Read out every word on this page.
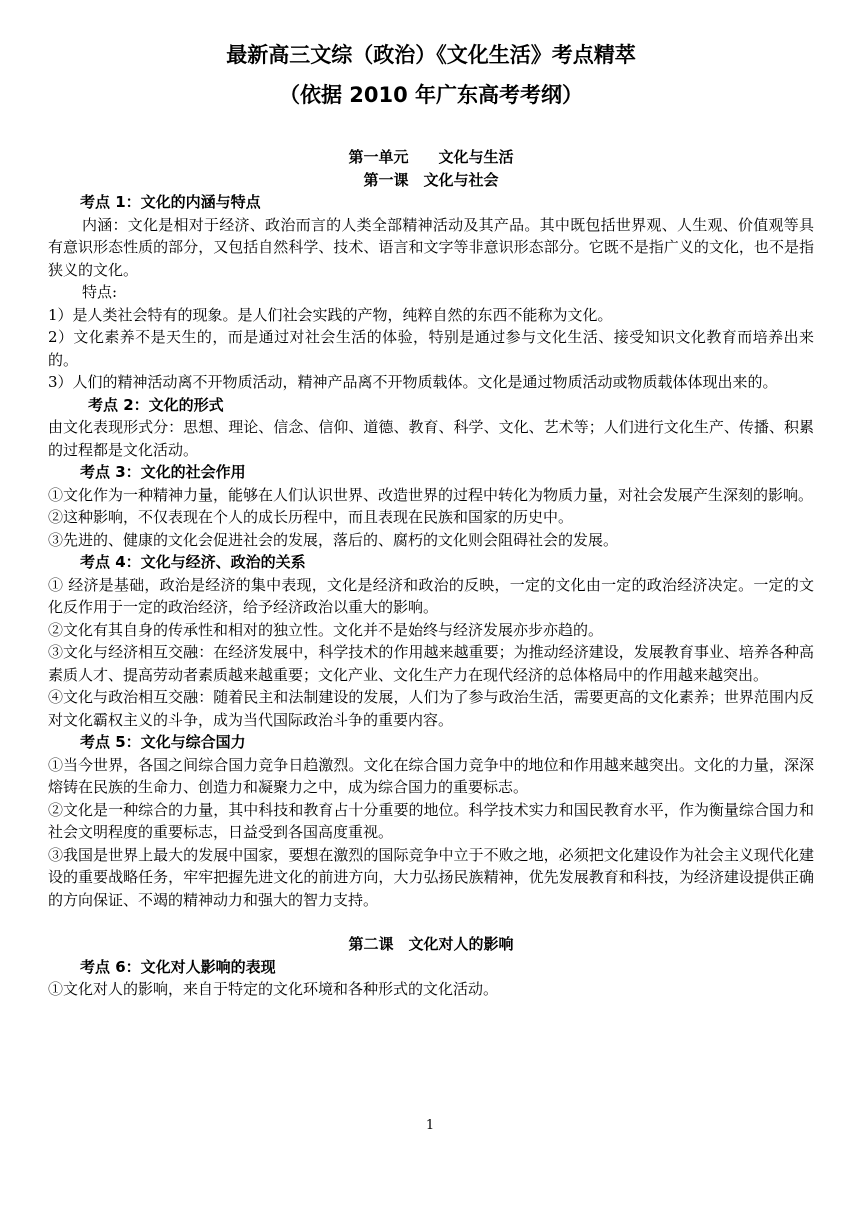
最新高三文综（政治）《文化生活》考点精萃
（依据 2010 年广东高考考纲）
第一单元　　文化与生活
第一课　文化与社会
考点 1：文化的内涵与特点

内涵：文化是相对于经济、政治而言的人类全部精神活动及其产品。其中既包括世界观、人生观、价值观等具有意识形态性质的部分，又包括自然科学、技术、语言和文字等非意识形态部分。它既不是指广义的文化，也不是指狭义的文化。

特点:

1）是人类社会特有的现象。是人们社会实践的产物，纯粹自然的东西不能称为文化。

2）文化素养不是天生的，而是通过对社会生活的体验，特别是通过参与文化生活、接受知识文化教育而培养出来的。

3）人们的精神活动离不开物质活动，精神产品离不开物质载体。文化是通过物质活动或物质载体体现出来的。

考点 2：文化的形式

由文化表现形式分：思想、理论、信念、信仰、道德、教育、科学、文化、艺术等；人们进行文化生产、传播、积累的过程都是文化活动。

考点 3：文化的社会作用

①文化作为一种精神力量，能够在人们认识世界、改造世界的过程中转化为物质力量，对社会发展产生深刻的影响。

②这种影响，不仅表现在个人的成长历程中，而且表现在民族和国家的历史中。

③先进的、健康的文化会促进社会的发展，落后的、腐朽的文化则会阻碍社会的发展。

考点 4：文化与经济、政治的关系

① 经济是基础，政治是经济的集中表现，文化是经济和政治的反映，一定的文化由一定的政治经济决定。一定的文化反作用于一定的政治经济，给予经济政治以重大的影响。

②文化有其自身的传承性和相对的独立性。文化并不是始终与经济发展亦步亦趋的。

③文化与经济相互交融：在经济发展中，科学技术的作用越来越重要；为推动经济建设，发展教育事业、培养各种高素质人才、提高劳动者素质越来越重要；文化产业、文化生产力在现代经济的总体格局中的作用越来越突出。

④文化与政治相互交融：随着民主和法制建设的发展，人们为了参与政治生活，需要更高的文化素养；世界范围内反对文化霸权主义的斗争，成为当代国际政治斗争的重要内容。

考点 5：文化与综合国力

①当今世界，各国之间综合国力竞争日趋激烈。文化在综合国力竞争中的地位和作用越来越突出。文化的力量，深深熔铸在民族的生命力、创造力和凝聚力之中，成为综合国力的重要标志。

②文化是一种综合的力量，其中科技和教育占十分重要的地位。科学技术实力和国民教育水平，作为衡量综合国力和社会文明程度的重要标志，日益受到各国高度重视。

③我国是世界上最大的发展中国家，要想在激烈的国际竞争中立于不败之地，必须把文化建设作为社会主义现代化建设的重要战略任务，牢牢把握先进文化的前进方向，大力弘扬民族精神，优先发展教育和科技，为经济建设提供正确的方向保证、不竭的精神动力和强大的智力支持。

第二课　文化对人的影响
考点 6：文化对人影响的表现

①文化对人的影响，来自于特定的文化环境和各种形式的文化活动。

1
